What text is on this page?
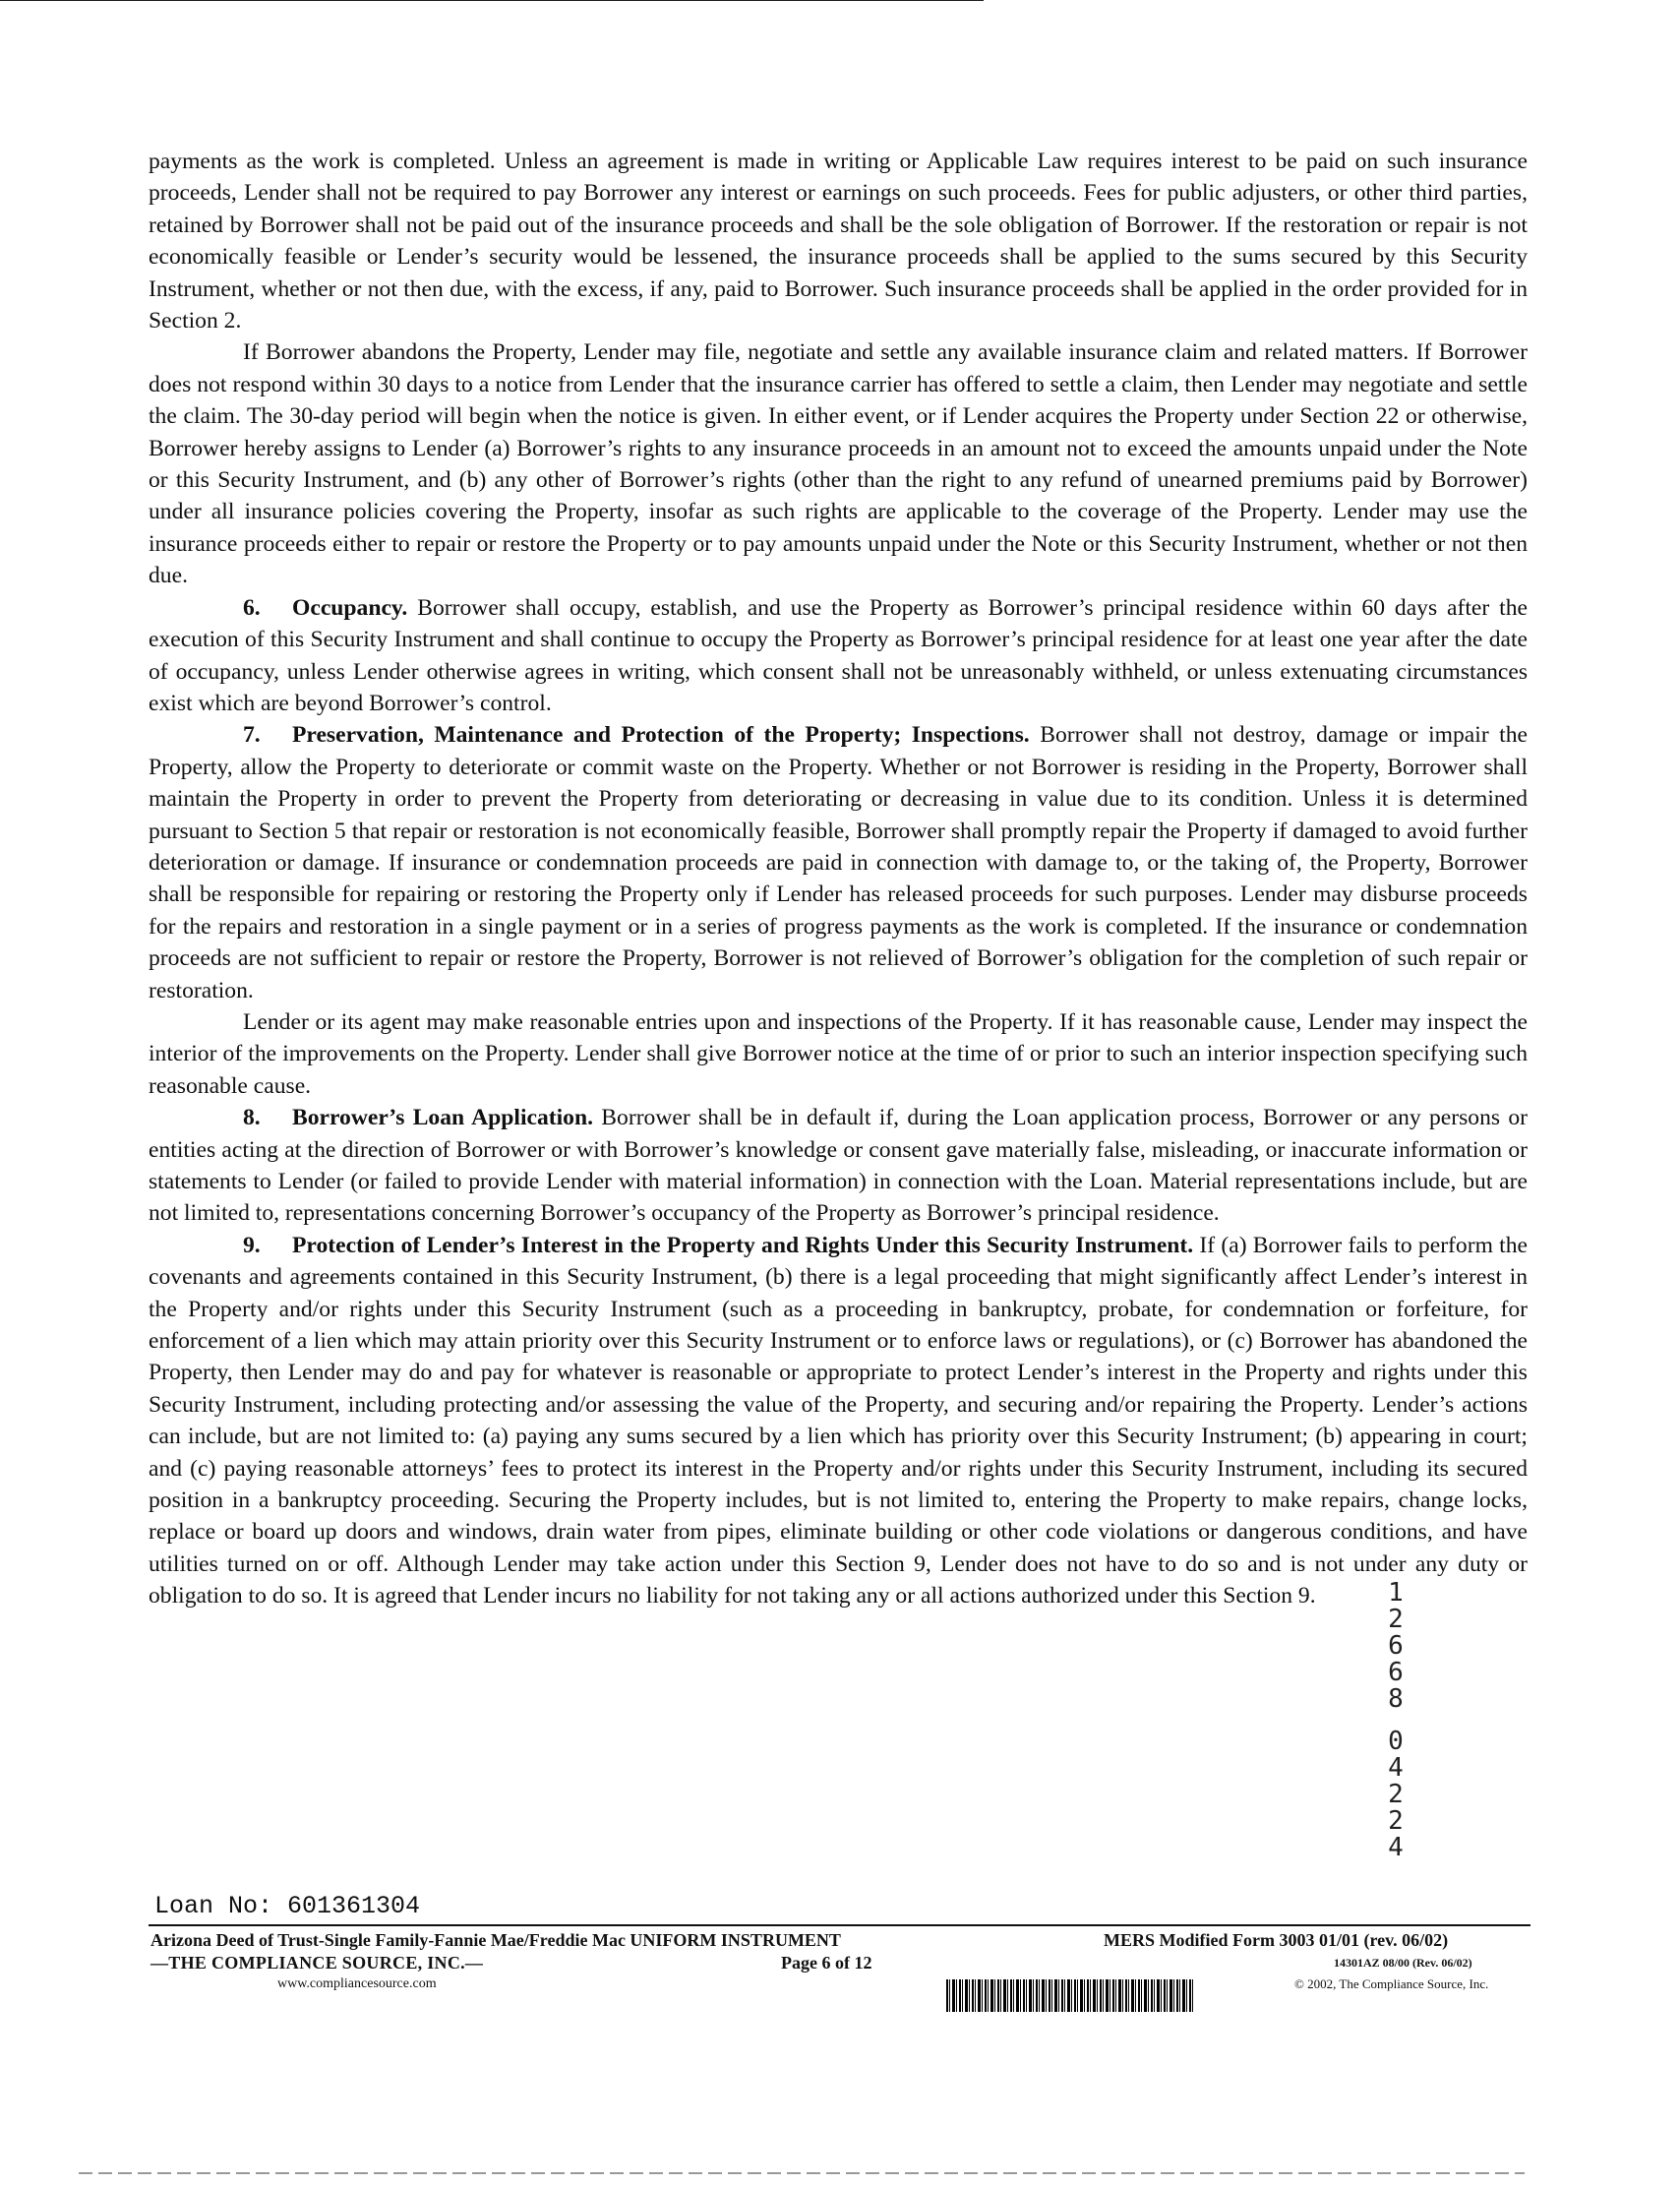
payments as the work is completed. Unless an agreement is made in writing or Applicable Law requires interest to be paid on such insurance proceeds, Lender shall not be required to pay Borrower any interest or earnings on such proceeds. Fees for public adjusters, or other third parties, retained by Borrower shall not be paid out of the insurance proceeds and shall be the sole obligation of Borrower. If the restoration or repair is not economically feasible or Lender’s security would be lessened, the insurance proceeds shall be applied to the sums secured by this Security Instrument, whether or not then due, with the excess, if any, paid to Borrower. Such insurance proceeds shall be applied in the order provided for in Section 2.

If Borrower abandons the Property, Lender may file, negotiate and settle any available insurance claim and related matters. If Borrower does not respond within 30 days to a notice from Lender that the insurance carrier has offered to settle a claim, then Lender may negotiate and settle the claim. The 30-day period will begin when the notice is given. In either event, or if Lender acquires the Property under Section 22 or otherwise, Borrower hereby assigns to Lender (a) Borrower’s rights to any insurance proceeds in an amount not to exceed the amounts unpaid under the Note or this Security Instrument, and (b) any other of Borrower’s rights (other than the right to any refund of unearned premiums paid by Borrower) under all insurance policies covering the Property, insofar as such rights are applicable to the coverage of the Property. Lender may use the insurance proceeds either to repair or restore the Property or to pay amounts unpaid under the Note or this Security Instrument, whether or not then due.

6. Occupancy. Borrower shall occupy, establish, and use the Property as Borrower’s principal residence within 60 days after the execution of this Security Instrument and shall continue to occupy the Property as Borrower’s principal residence for at least one year after the date of occupancy, unless Lender otherwise agrees in writing, which consent shall not be unreasonably withheld, or unless extenuating circumstances exist which are beyond Borrower’s control.

7. Preservation, Maintenance and Protection of the Property; Inspections. Borrower shall not destroy, damage or impair the Property, allow the Property to deteriorate or commit waste on the Property. Whether or not Borrower is residing in the Property, Borrower shall maintain the Property in order to prevent the Property from deteriorating or decreasing in value due to its condition. Unless it is determined pursuant to Section 5 that repair or restoration is not economically feasible, Borrower shall promptly repair the Property if damaged to avoid further deterioration or damage. If insurance or condemnation proceeds are paid in connection with damage to, or the taking of, the Property, Borrower shall be responsible for repairing or restoring the Property only if Lender has released proceeds for such purposes. Lender may disburse proceeds for the repairs and restoration in a single payment or in a series of progress payments as the work is completed. If the insurance or condemnation proceeds are not sufficient to repair or restore the Property, Borrower is not relieved of Borrower’s obligation for the completion of such repair or restoration.

Lender or its agent may make reasonable entries upon and inspections of the Property. If it has reasonable cause, Lender may inspect the interior of the improvements on the Property. Lender shall give Borrower notice at the time of or prior to such an interior inspection specifying such reasonable cause.

8. Borrower’s Loan Application. Borrower shall be in default if, during the Loan application process, Borrower or any persons or entities acting at the direction of Borrower or with Borrower’s knowledge or consent gave materially false, misleading, or inaccurate information or statements to Lender (or failed to provide Lender with material information) in connection with the Loan. Material representations include, but are not limited to, representations concerning Borrower’s occupancy of the Property as Borrower’s principal residence.

9. Protection of Lender’s Interest in the Property and Rights Under this Security Instrument. If (a) Borrower fails to perform the covenants and agreements contained in this Security Instrument, (b) there is a legal proceeding that might significantly affect Lender’s interest in the Property and/or rights under this Security Instrument (such as a proceeding in bankruptcy, probate, for condemnation or forfeiture, for enforcement of a lien which may attain priority over this Security Instrument or to enforce laws or regulations), or (c) Borrower has abandoned the Property, then Lender may do and pay for whatever is reasonable or appropriate to protect Lender’s interest in the Property and rights under this Security Instrument, including protecting and/or assessing the value of the Property, and securing and/or repairing the Property. Lender’s actions can include, but are not limited to: (a) paying any sums secured by a lien which has priority over this Security Instrument; (b) appearing in court; and (c) paying reasonable attorneys’ fees to protect its interest in the Property and/or rights under this Security Instrument, including its secured position in a bankruptcy proceeding. Securing the Property includes, but is not limited to, entering the Property to make repairs, change locks, replace or board up doors and windows, drain water from pipes, eliminate building or other code violations or dangerous conditions, and have utilities turned on or off. Although Lender may take action under this Section 9, Lender does not have to do so and is not under any duty or obligation to do so. It is agreed that Lender incurs no liability for not taking any or all actions authorized under this Section 9.	1
2
6
6
8
0
4
2
2
4
Loan No: 601361304
Arizona Deed of Trust-Single Family-Fannie Mae/Freddie Mac UNIFORM INSTRUMENT
—THE COMPLIANCE SOURCE, INC.—
www.compliancesource.com
Page 6 of 12
MERS Modified Form 3003 01/01 (rev. 06/02)
14301AZ 08/00 (Rev. 06/02)
© 2002, The Compliance Source, Inc.
